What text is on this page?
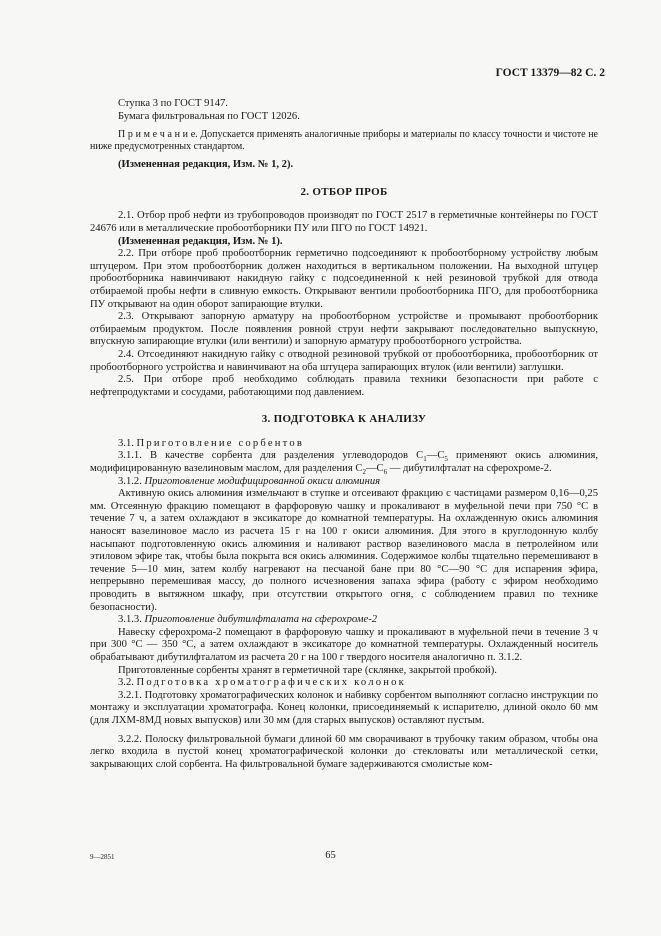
ГОСТ 13379—82 С. 2

Ступка 3 по ГОСТ 9147.

Бумага фильтровальная по ГОСТ 12026.

П р и м е ч а н и е. Допускается применять аналогичные приборы и материалы по классу точности и чистоте не ниже предусмотренных стандартом.

(Измененная редакция, Изм. № 1, 2).

2. ОТБОР ПРОБ

2.1. Отбор проб нефти из трубопроводов производят по ГОСТ 2517 в герметичные контейнеры по ГОСТ 24676 или в металлические пробоотборники ПУ или ПГО по ГОСТ 14921.

(Измененная редакция, Изм. № 1).

2.2. При отборе проб пробоотборник герметично подсоединяют к пробоотборному устройству любым штуцером. При этом пробоотборник должен находиться в вертикальном положении. На выходной штуцер пробоотборника навинчивают накидную гайку с подсоединенной к ней резиновой трубкой для отвода отбираемой пробы нефти в сливную емкость. Открывают вентили пробоотборника ПГО, для пробоотборника ПУ открывают на один оборот запирающие втулки.

2.3. Открывают запорную арматуру на пробоотборном устройстве и промывают пробоотборник отбираемым продуктом. После появления ровной струи нефти закрывают последовательно выпускную, впускную запирающие втулки (или вентили) и запорную арматуру пробоотборного устройства.

2.4. Отсоединяют накидную гайку с отводной резиновой трубкой от пробоотборника, пробоотборник от пробоотборного устройства и навинчивают на оба штуцера запирающих втулок (или вентили) заглушки.

2.5. При отборе проб необходимо соблюдать правила техники безопасности при работе с нефтепродуктами и сосудами, работающими под давлением.

3. ПОДГОТОВКА К АНАЛИЗУ

3.1. Приготовление сорбентов

3.1.1. В качестве сорбента для разделения углеводородов $С_1—С_5$ применяют окись алюминия, модифицированную вазелиновым маслом, для разделения $С_2—С_6$ — дибутилфталат на сферохроме-2.

3.1.2. Приготовление модифицированной окиси алюминия

Активную окись алюминия измельчают в ступке и отсеивают фракцию с частицами размером 0,16—0,25 мм. Отсеянную фракцию помещают в фарфоровую чашку и прокаливают в муфельной печи при 750 °С в течение 7 ч, а затем охлаждают в эксикаторе до комнатной температуры. На охлажденную окись алюминия наносят вазелиновое масло из расчета 15 г на 100 г окиси алюминия. Для этого в круглодонную колбу насыпают подготовленную окись алюминия и наливают раствор вазелинового масла в петролейном или этиловом эфире так, чтобы была покрыта вся окись алюминия. Содержимое колбы тщательно перемешивают в течение 5—10 мин, затем колбу нагревают на песчаной бане при 80 °С—90 °С для испарения эфира, непрерывно перемешивая массу, до полного исчезновения запаха эфира (работу с эфиром необходимо проводить в вытяжном шкафу, при отсутствии открытого огня, с соблюдением правил по технике безопасности).

3.1.3. Приготовление дибутилфталата на сферохроме-2

Навеску сферохрома-2 помещают в фарфоровую чашку и прокаливают в муфельной печи в течение 3 ч при 300 °С — 350 °С, а затем охлаждают в эксикаторе до комнатной температуры. Охлажденный носитель обрабатывают дибутилфталатом из расчета 20 г на 100 г твердого носителя аналогично п. 3.1.2.

Приготовленные сорбенты хранят в герметичной таре (склянке, закрытой пробкой).

3.2. Подготовка хроматографических колонок

3.2.1. Подготовку хроматографических колонок и набивку сорбентом выполняют согласно инструкции по монтажу и эксплуатации хроматографа. Конец колонки, присоединяемый к испарителю, длиной около 60 мм (для ЛХМ-8МД новых выпусков) или 30 мм (для старых выпусков) оставляют пустым.

3.2.2. Полоску фильтровальной бумаги длиной 60 мм сворачивают в трубочку таким образом, чтобы она легко входила в пустой конец хроматографической колонки до стекловаты или металлической сетки, закрывающих слой сорбента. На фильтровальной бумаге задерживаются смолистые ком-

9—2851	65
